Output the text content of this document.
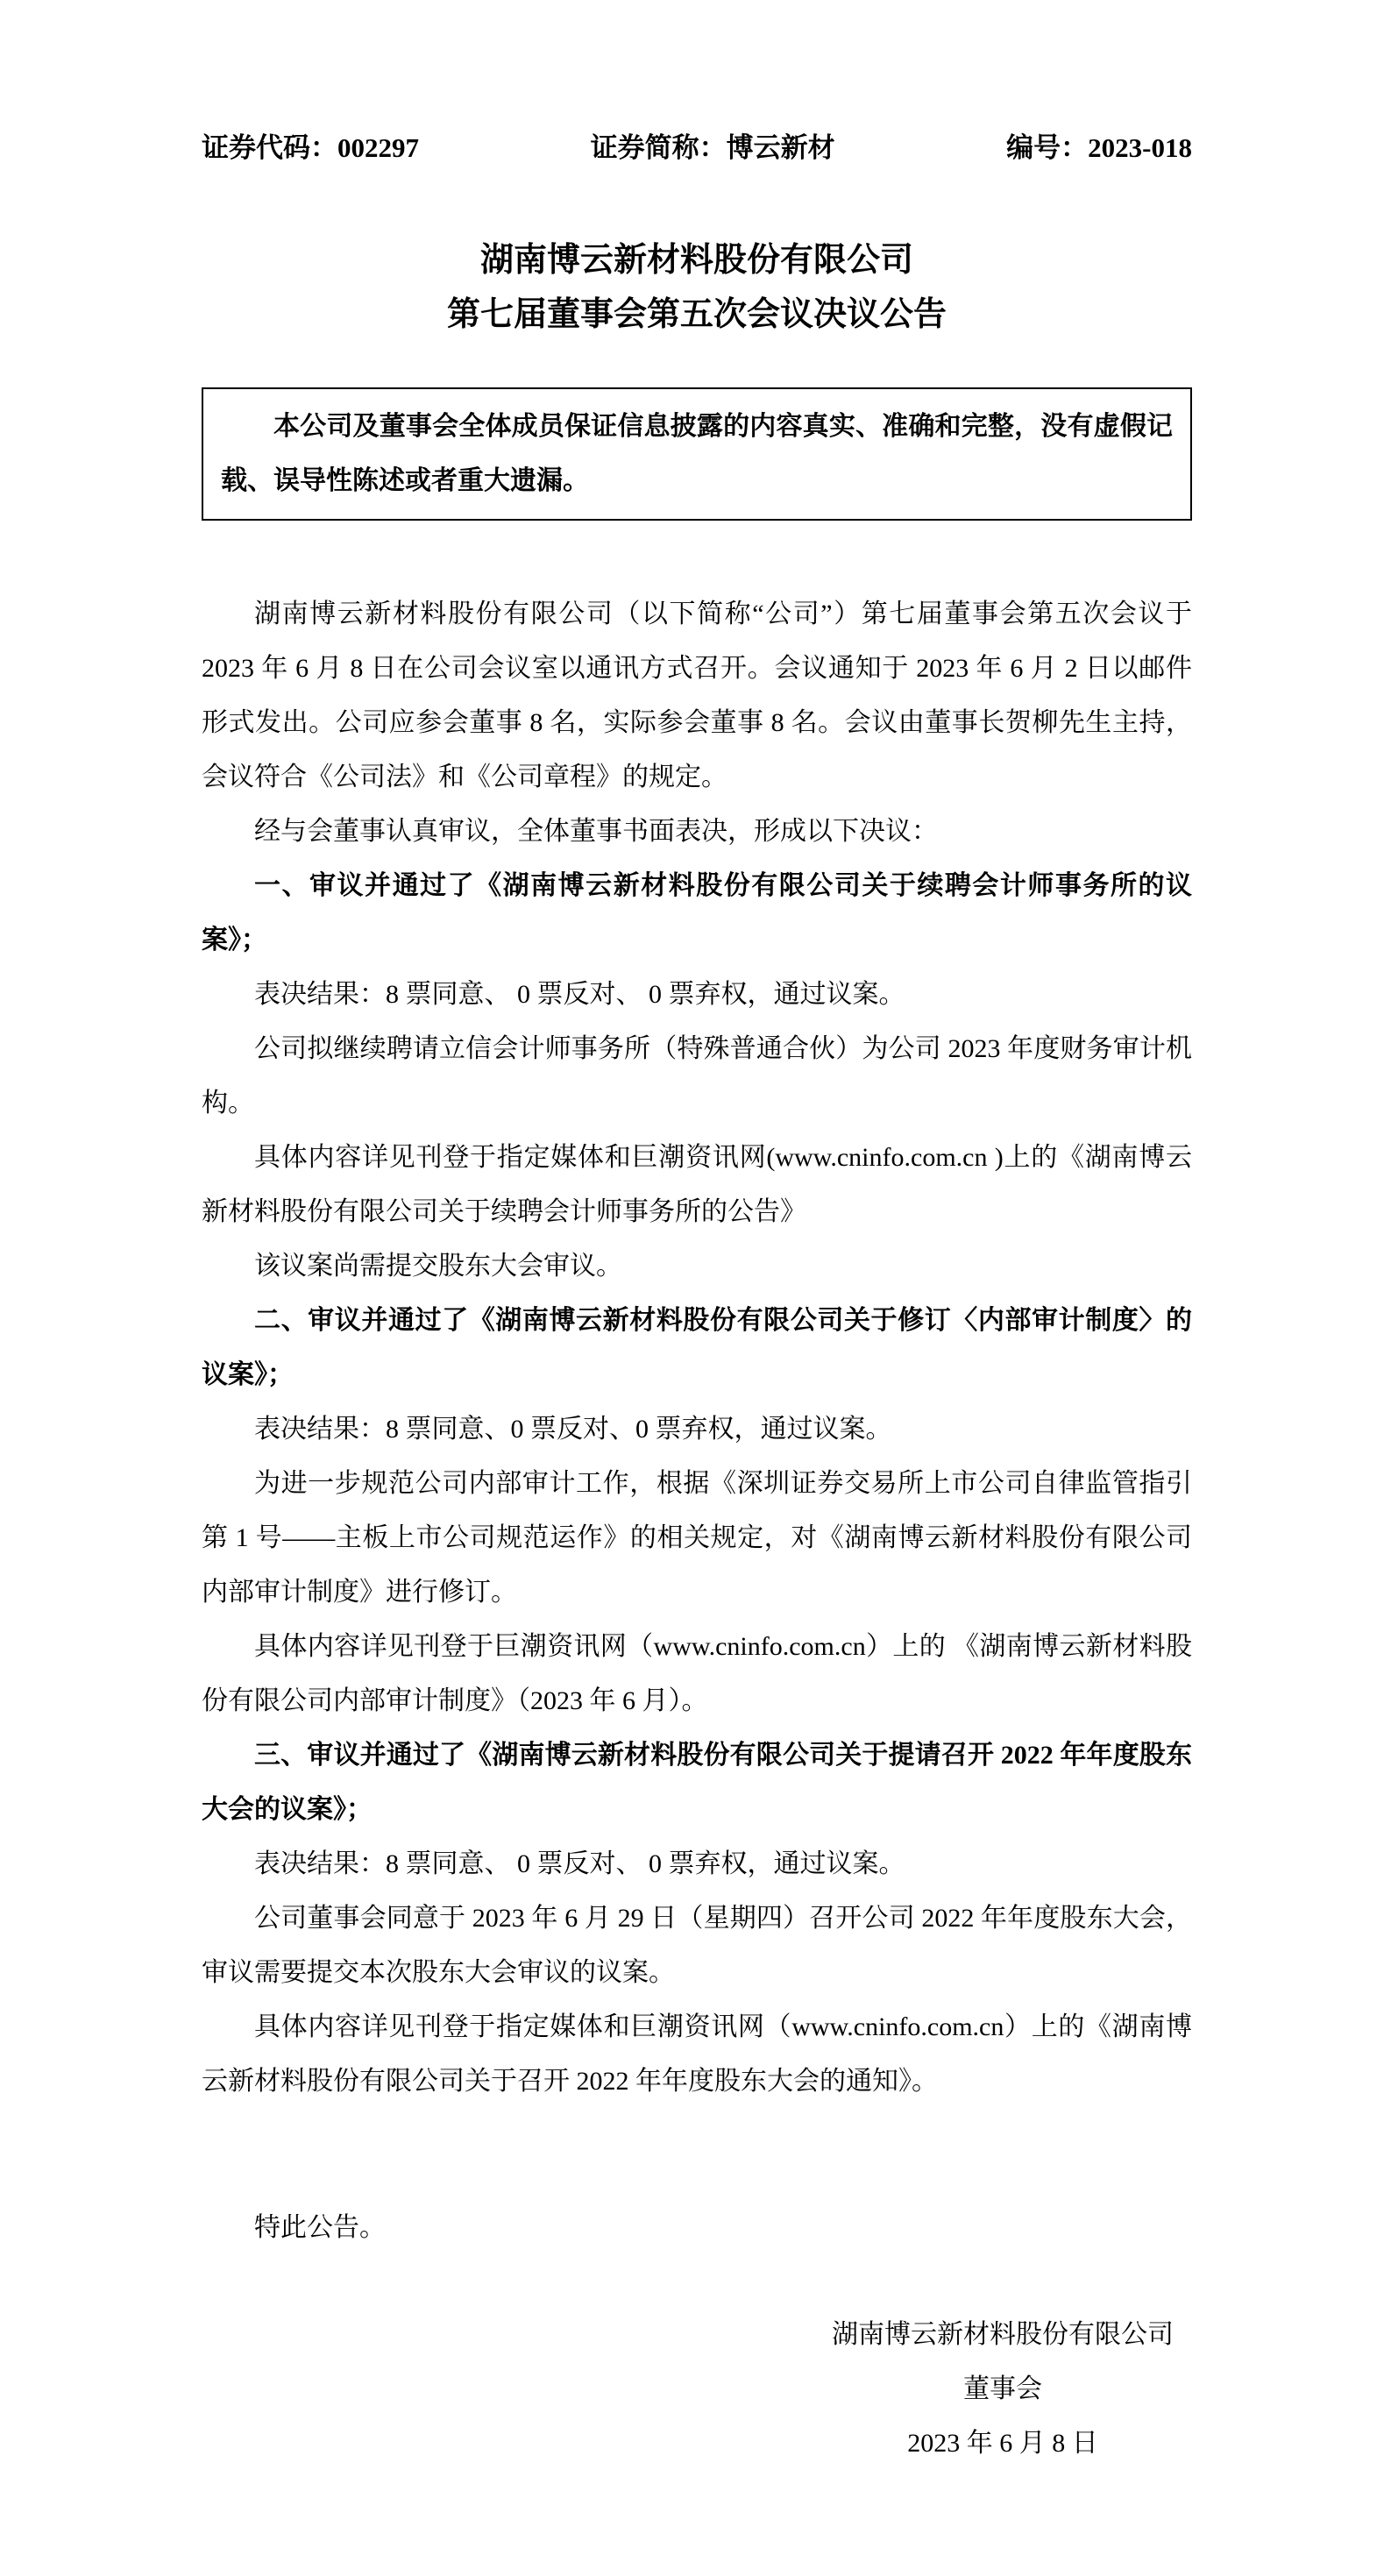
证券代码：002297	证券简称：博云新材	编号：2023-018
湖南博云新材料股份有限公司
第七届董事会第五次会议决议公告

本公司及董事会全体成员保证信息披露的内容真实、准确和完整，没有虚假记载、误导性陈述或者重大遗漏。

湖南博云新材料股份有限公司（以下简称“公司”）第七届董事会第五次会议于 2023 年 6 月 8 日在公司会议室以通讯方式召开。会议通知于 2023 年 6 月 2 日以邮件形式发出。公司应参会董事 8 名，实际参会董事 8 名。会议由董事长贺柳先生主持，会议符合《公司法》和《公司章程》的规定。

经与会董事认真审议，全体董事书面表决，形成以下决议：

一、审议并通过了《湖南博云新材料股份有限公司关于续聘会计师事务所的议案》；

表决结果：8 票同意、 0 票反对、 0 票弃权，通过议案。

公司拟继续聘请立信会计师事务所（特殊普通合伙）为公司 2023 年度财务审计机构。

具体内容详见刊登于指定媒体和巨潮资讯网(www.cninfo.com.cn )上的《湖南博云新材料股份有限公司关于续聘会计师事务所的公告》

该议案尚需提交股东大会审议。

二、审议并通过了《湖南博云新材料股份有限公司关于修订〈内部审计制度〉的议案》；

表决结果：8 票同意、0 票反对、0 票弃权，通过议案。

为进一步规范公司内部审计工作，根据《深圳证券交易所上市公司自律监管指引第 1 号——主板上市公司规范运作》的相关规定，对《湖南博云新材料股份有限公司内部审计制度》进行修订。

具体内容详见刊登于巨潮资讯网（www.cninfo.com.cn）上的 《湖南博云新材料股份有限公司内部审计制度》（2023 年 6 月）。

三、审议并通过了《湖南博云新材料股份有限公司关于提请召开 2022 年年度股东大会的议案》；

表决结果：8 票同意、 0 票反对、 0 票弃权，通过议案。

公司董事会同意于 2023 年 6 月 29 日（星期四）召开公司 2022 年年度股东大会，审议需要提交本次股东大会审议的议案。

具体内容详见刊登于指定媒体和巨潮资讯网（www.cninfo.com.cn）上的《湖南博云新材料股份有限公司关于召开 2022 年年度股东大会的通知》。

特此公告。

湖南博云新材料股份有限公司
董事会
2023 年 6 月 8 日
